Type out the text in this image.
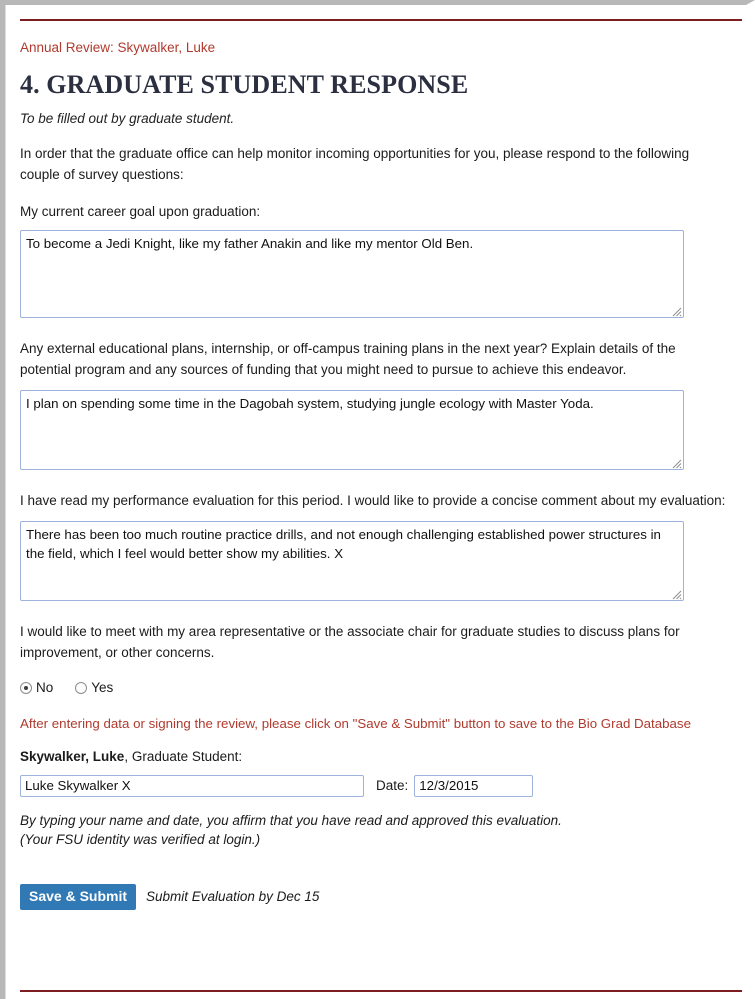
Annual Review: Skywalker, Luke
4. GRADUATE STUDENT RESPONSE
To be filled out by graduate student.

In order that the graduate office can help monitor incoming opportunities for you, please respond to the following couple of survey questions:

My current career goal upon graduation:
To become a Jedi Knight, like my father Anakin and like my mentor Old Ben.

Any external educational plans, internship, or off-campus training plans in the next year? Explain details of the potential program and any sources of funding that you might need to pursue to achieve this endeavor.

I plan on spending some time in the Dagobah system, studying jungle ecology with Master Yoda.

I have read my performance evaluation for this period. I would like to provide a concise comment about my evaluation:

There has been too much routine practice drills, and not enough challenging established power structures in the field, which I feel would better show my abilities. X

I would like to meet with my area representative or the associate chair for graduate studies to discuss plans for improvement, or other concerns.

No	Yes
After entering data or signing the review, please click on "Save & Submit" button to save to the Bio Grad Database
Skywalker, Luke, Graduate Student:
Luke Skywalker X
Date:
12/3/2015
By typing your name and date, you affirm that you have read and approved this evaluation.
(Your FSU identity was verified at login.)
Save & Submit	Submit Evaluation by Dec 15
